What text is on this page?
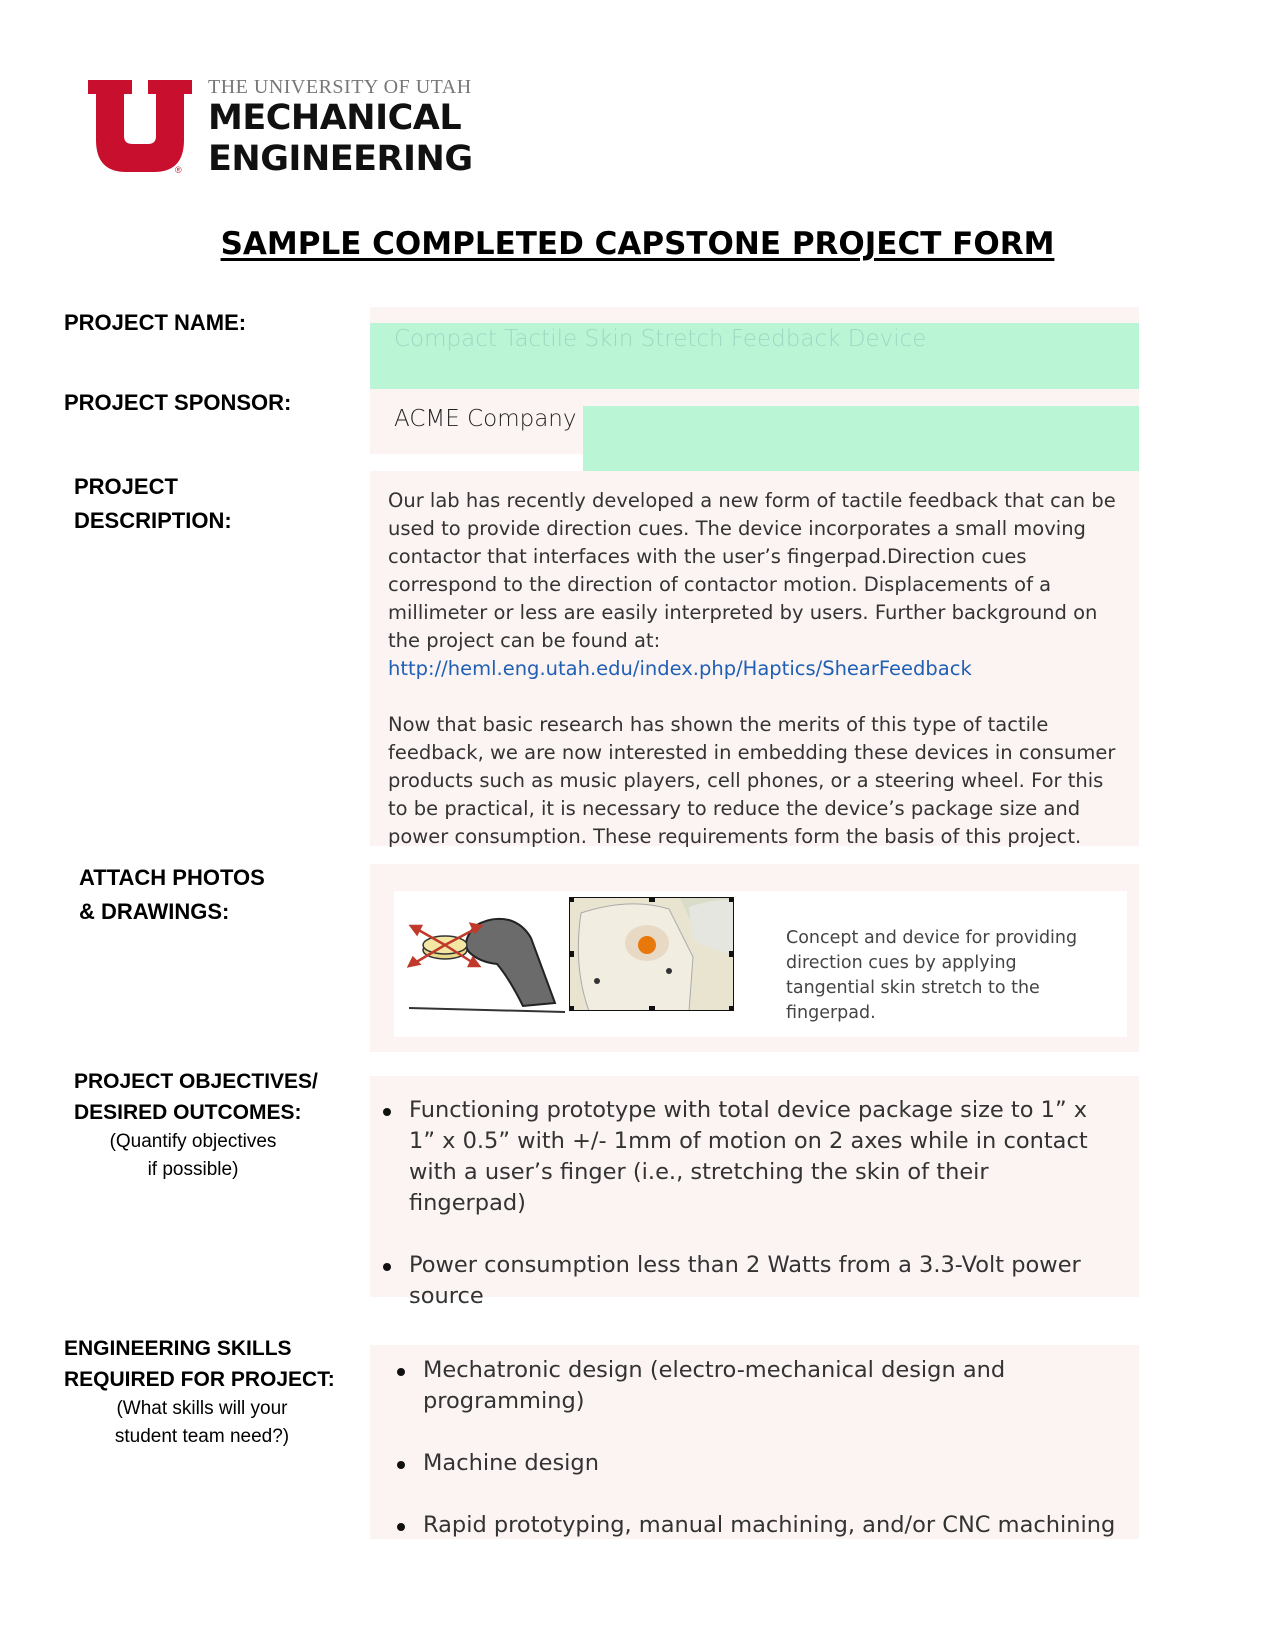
®
THE UNIVERSITY OF UTAH
MECHANICAL
ENGINEERING
SAMPLE COMPLETED CAPSTONE PROJECT FORM
PROJECT NAME:
Compact Tactile Skin Stretch Feedback Device
PROJECT SPONSOR:
ACME Company
PROJECT
DESCRIPTION:

Our lab has recently developed a new form of tactile feedback that can be used to provide direction cues. The device incorporates a small moving contactor that interfaces with the user’s fingerpad.Direction cues correspond to the direction of contactor motion. Displacements of a millimeter or less are easily interpreted by users. Further background on the project can be found at: http://heml.eng.utah.edu/index.php/Haptics/ShearFeedback

Now that basic research has shown the merits of this type of tactile feedback, we are now interested in embedding these devices in consumer products such as music players, cell phones, or a steering wheel. For this to be practical, it is necessary to reduce the device’s package size and power consumption. These requirements form the basis of this project.

ATTACH PHOTOS
& DRAWINGS:
Concept and device for providing direction cues by applying tangential skin stretch to the fingerpad.
PROJECT OBJECTIVES/
DESIRED OUTCOMES:
(Quantify objectives
if possible)
Functioning prototype with total device package size to 1” x 1” x 0.5” with +/- 1mm of motion on 2 axes while in contact with a user’s finger (i.e., stretching the skin of their fingerpad)
Power consumption less than 2 Watts from a 3.3-Volt power source
ENGINEERING SKILLS
REQUIRED FOR PROJECT:
(What skills will your
student team need?)
Mechatronic design (electro-mechanical design and programming)
Machine design
Rapid prototyping, manual machining, and/or CNC machining
